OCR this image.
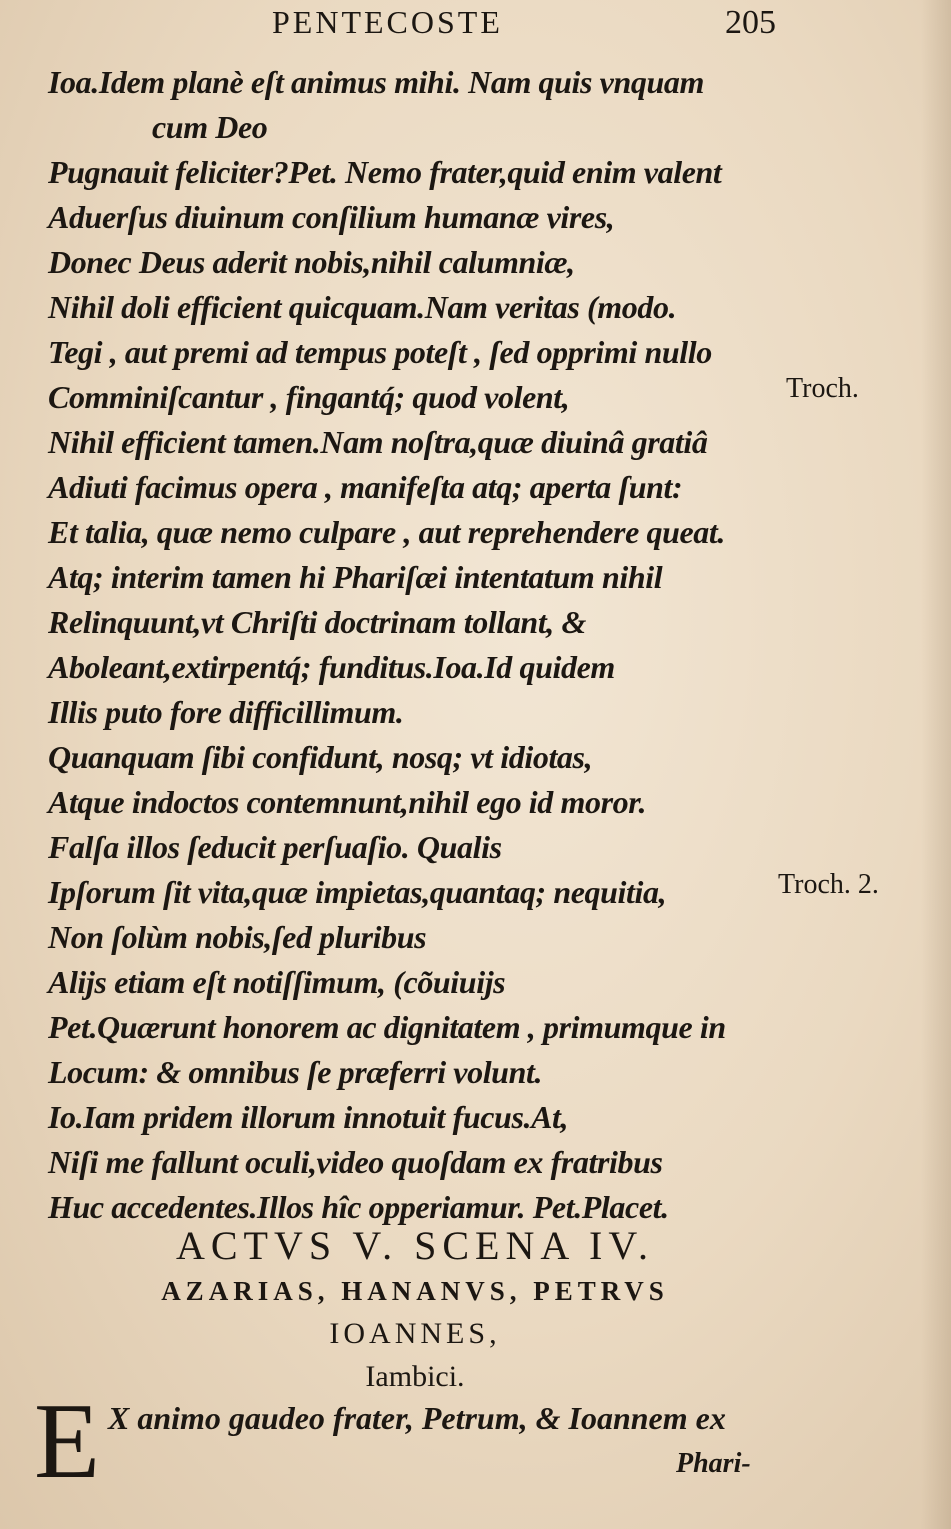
PENTECOSTE	205
Ioa.Idem planè eſt animus mihi. Nam quis vnquam
cum Deo
Pugnauit feliciter?Pet. Nemo frater,quid enim valent
Aduerſus diuinum conſilium humanæ vires,
Donec Deus aderit nobis,nihil calumniæ,
Nihil doli efficient quicquam.Nam veritas (modo.
Tegi , aut premi ad tempus poteſt , ſed opprimi nullo
Comminiſcantur , fingantq́; quod volent,
Nihil efficient tamen.Nam noſtra,quæ diuinâ gratiâ
Adiuti facimus opera , manifeſta atq; aperta ſunt:
Et talia, quæ nemo culpare , aut reprehendere queat.
Atq; interim tamen hi Phariſæi intentatum nihil
Relinquunt,vt Chriſti doctrinam tollant, &
Aboleant,extirpentq́; funditus.Ioa.Id quidem
Illis puto fore difficillimum.
Quanquam ſibi confidunt, nosq; vt idiotas,
Atque indoctos contemnunt,nihil ego id moror.
Falſa illos ſeducit perſuaſio. Qualis
Ipſorum ſit vita,quæ impietas,quantaq; nequitia,
Non ſolùm nobis,ſed pluribus
Alijs etiam eſt notiſſimum, (cõuiuijs
Pet.Quærunt honorem ac dignitatem , primumque in
Locum: & omnibus ſe præferri volunt.
Io.Iam pridem illorum innotuit fucus.At,
Niſi me fallunt oculi,video quoſdam ex fratribus
Huc accedentes.Illos hîc opperiamur. Pet.Placet.
Troch.
Troch. 2.
ACTVS V. SCENA IV.
AZARIAS, HANANVS, PETRVS
IOANNES,
Iambici.
E X animo gaudeo frater, Petrum, & Ioannem ex
Phari-
